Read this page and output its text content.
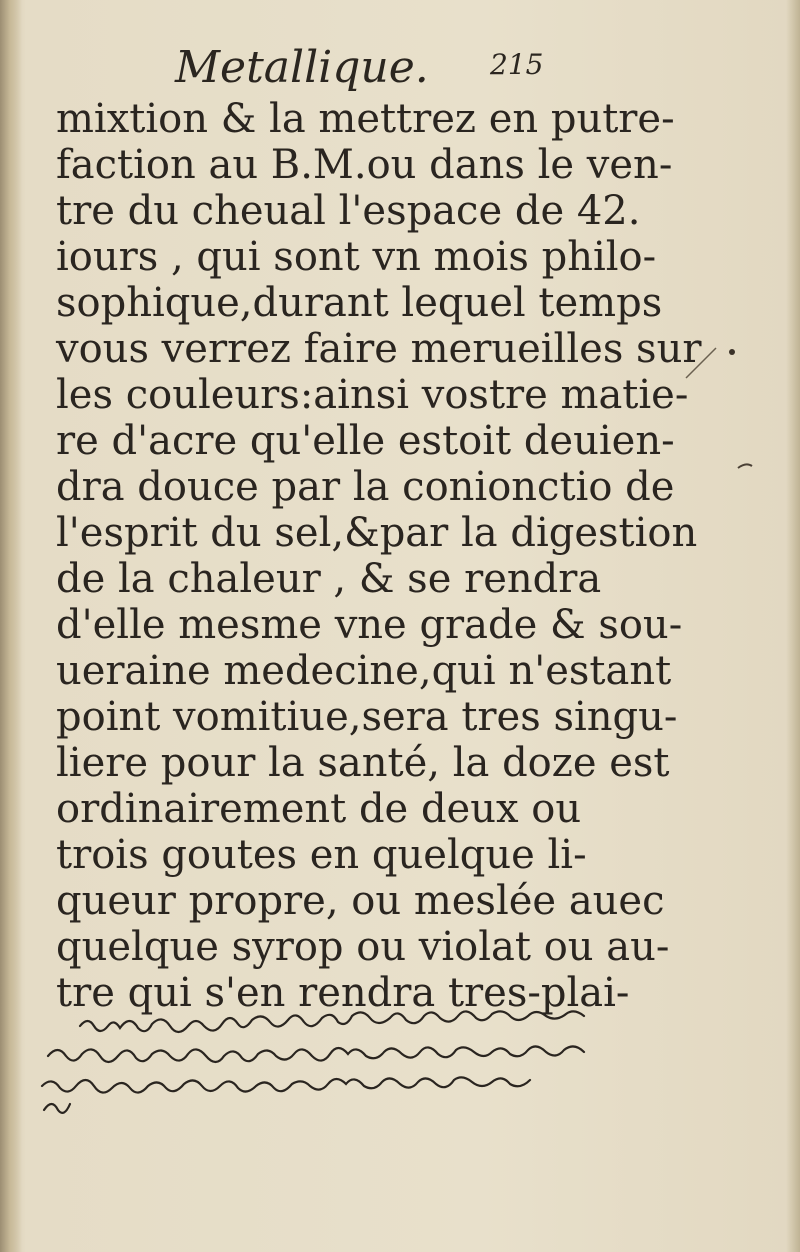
Metallique. 215
mixtion & la mettrez en putre-
faction au B.M.ou dans le ven-
tre du cheual l'espace de 42.
iours , qui sont vn mois philo-
sophique,durant lequel temps
vous verrez faire merueilles sur
les couleurs:ainsi vostre matie-
re d'acre qu'elle estoit deuien-
dra douce par la conionctio de
l'esprit du sel,&par la digestion
de la chaleur , & se rendra
d'elle mesme vne grade & sou-
ueraine medecine,qui n'estant
point vomitiue,sera tres singu-
liere pour la santé, la doze est
ordinairement de deux ou
trois goutes en quelque li-
queur propre, ou meslée auec
quelque syrop ou violat ou au-
tre qui s'en rendra tres-plai-
